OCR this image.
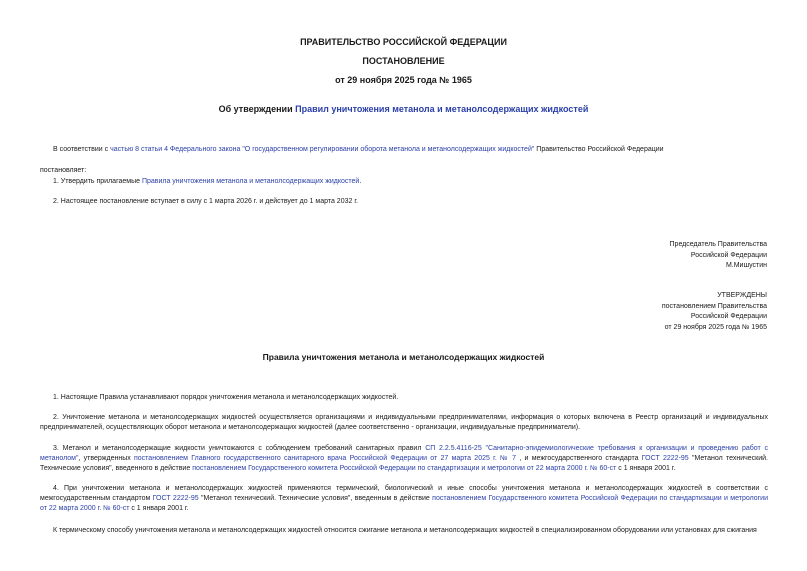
ПРАВИТЕЛЬСТВО РОССИЙСКОЙ ФЕДЕРАЦИИ
ПОСТАНОВЛЕНИЕ
от 29 ноября 2025 года № 1965
Об утверждении Правил уничтожения метанола и метанолсодержащих жидкостей
В соответствии с частью 8 статьи 4 Федерального закона "О государственном регулировании оборота метанола и метанолсодержащих жидкостей" Правительство Российской Федерации
постановляет:
1. Утвердить прилагаемые Правила уничтожения метанола и метанолсодержащих жидкостей.
2. Настоящее постановление вступает в силу с 1 марта 2026 г. и действует до 1 марта 2032 г.
Председатель Правительства
Российской Федерации
М.Мишустин
УТВЕРЖДЕНЫ
постановлением Правительства
Российской Федерации
от 29 ноября 2025 года № 1965
Правила уничтожения метанола и метанолсодержащих жидкостей
1. Настоящие Правила устанавливают порядок уничтожения метанола и метанолсодержащих жидкостей.
2. Уничтожение метанола и метанолсодержащих жидкостей осуществляется организациями и индивидуальными предпринимателями, информация о которых включена в Реестр организаций и индивидуальных предпринимателей, осуществляющих оборот метанола и метанолсодержащих жидкостей (далее соответственно - организации, индивидуальные предприниматели).
3. Метанол и метанолсодержащие жидкости уничтожаются с соблюдением требований санитарных правил СП 2.2.5.4116-25 "Санитарно-эпидемиологические требования к организации и проведению работ с метанолом", утвержденных постановлением Главного государственного санитарного врача Российской Федерации от 27 марта 2025 г. № 7 , и межгосударственного стандарта ГОСТ 2222-95 "Метанол технический. Технические условия", введенного в действие постановлением Государственного комитета Российской Федерации по стандартизации и метрологии от 22 марта 2000 г. № 60-ст с 1 января 2001 г.
4. При уничтожении метанола и метанолсодержащих жидкостей применяются термический, биологический и иные способы уничтожения метанола и метанолсодержащих жидкостей в соответствии с межгосударственным стандартом ГОСТ 2222-95 "Метанол технический. Технические условия", введенным в действие постановлением Государственного комитета Российской Федерации по стандартизации и метрологии от 22 марта 2000 г. № 60-ст с 1 января 2001 г.
К термическому способу уничтожения метанола и метанолсодержащих жидкостей относится сжигание метанола и метанолсодержащих жидкостей в специализированном оборудовании или установках для сжигания
